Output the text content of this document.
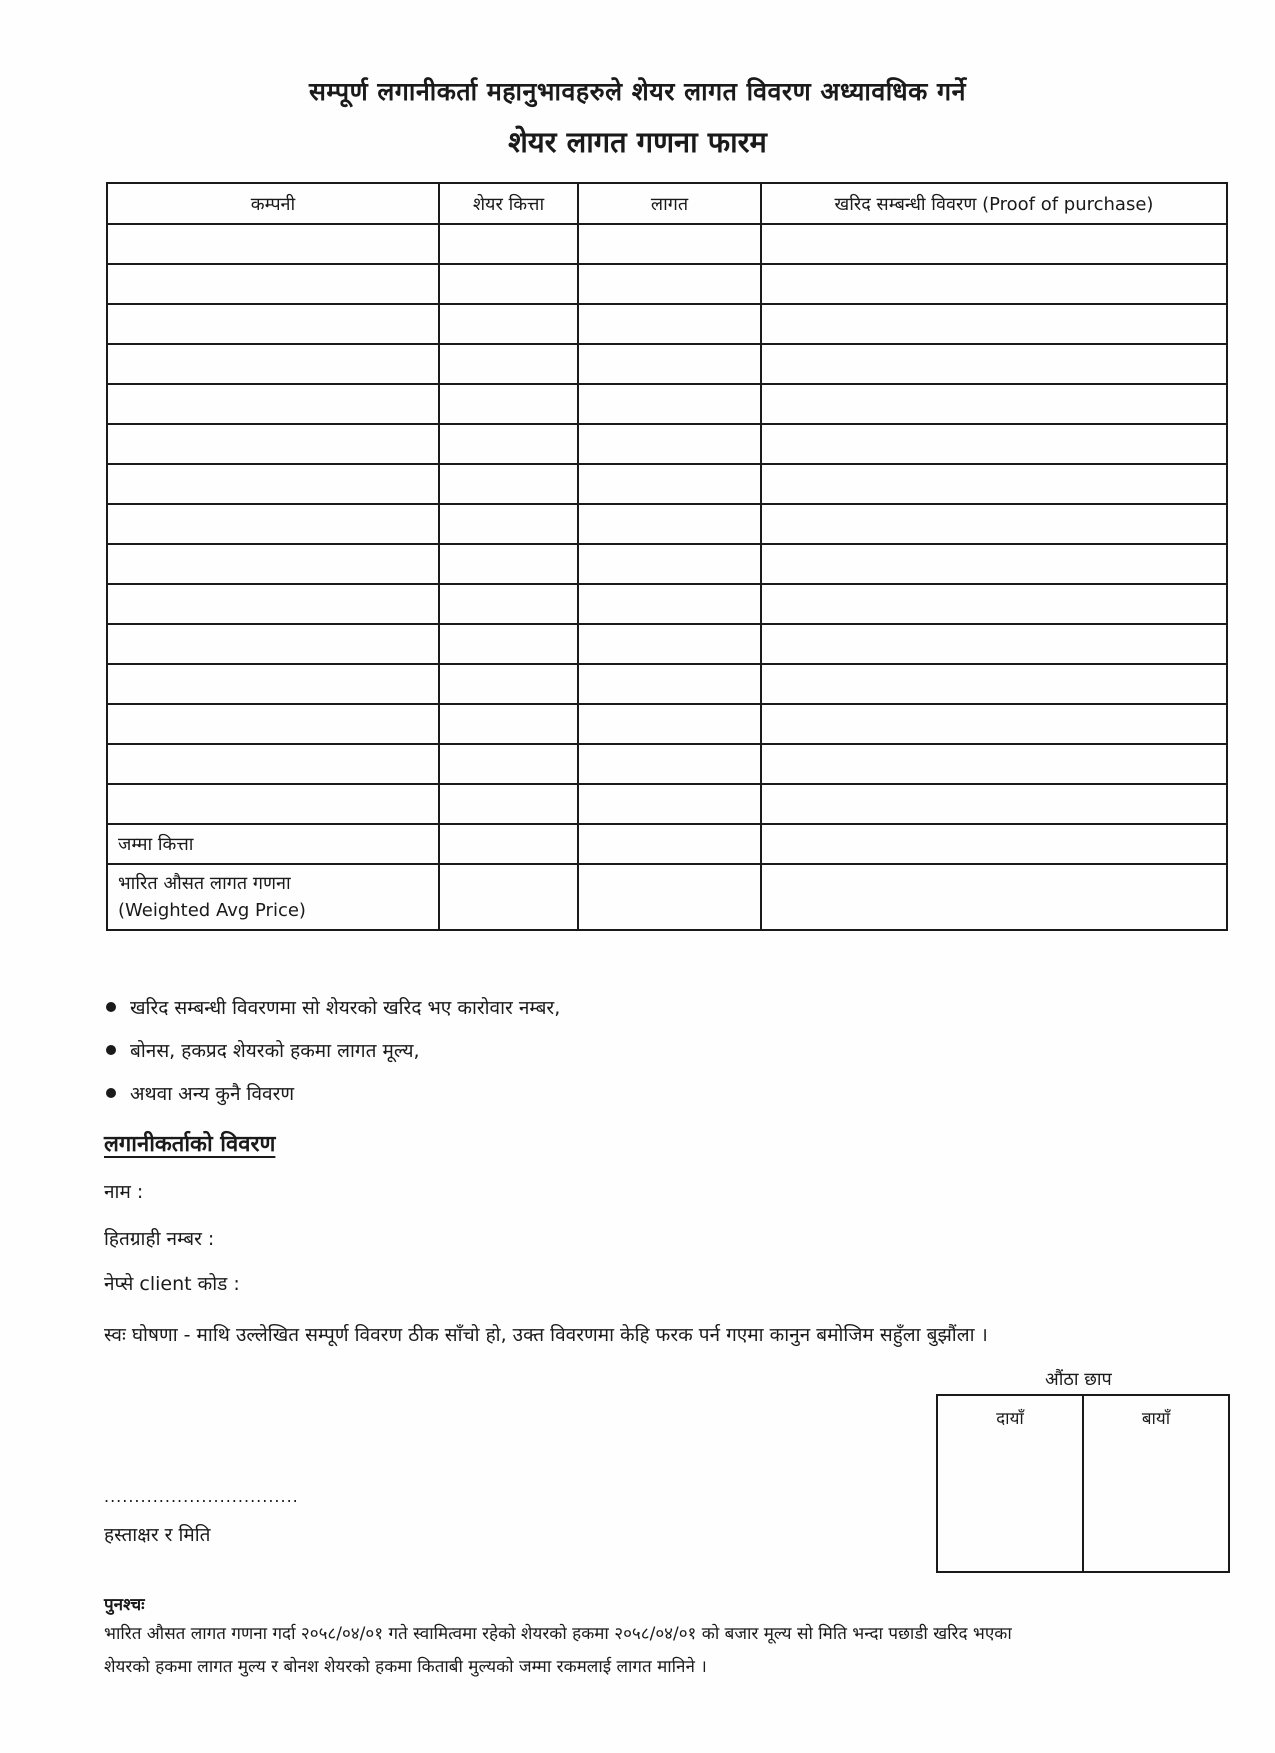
सम्पूर्ण लगानीकर्ता महानुभावहरुले शेयर लागत विवरण अध्यावधिक गर्ने
शेयर लागत गणना फारम
कम्पनी	शेयर कित्ता	लागत	खरिद सम्बन्धी विवरण (Proof of purchase)

जम्मा कित्ता			
भारित औसत लागत गणना
(Weighted Avg Price)			
खरिद सम्बन्धी विवरणमा सो शेयरको खरिद भए कारोवार नम्बर,
बोनस, हकप्रद शेयरको हकमा लागत मूल्य,
अथवा अन्य कुनै विवरण
लगानीकर्ताको विवरण
नाम :
हितग्राही नम्बर :
नेप्से client कोड :
स्वः घोषणा - माथि उल्लेखित सम्पूर्ण विवरण ठीक साँचो हो, उक्त विवरणमा केहि फरक पर्न गएमा कानुन बमोजिम सहुँला बुझौंला ।
औंठा छाप
दायाँ	बायाँ
................................
हस्ताक्षर र मिति
पुनश्चः
भारित औसत लागत गणना गर्दा २०५८/०४/०१ गते स्वामित्वमा रहेको शेयरको हकमा २०५८/०४/०१ को बजार मूल्य सो मिति भन्दा पछाडी खरिद भएका
शेयरको हकमा लागत मुल्य र बोनश शेयरको हकमा किताबी मुल्यको जम्मा रकमलाई लागत मानिने ।
